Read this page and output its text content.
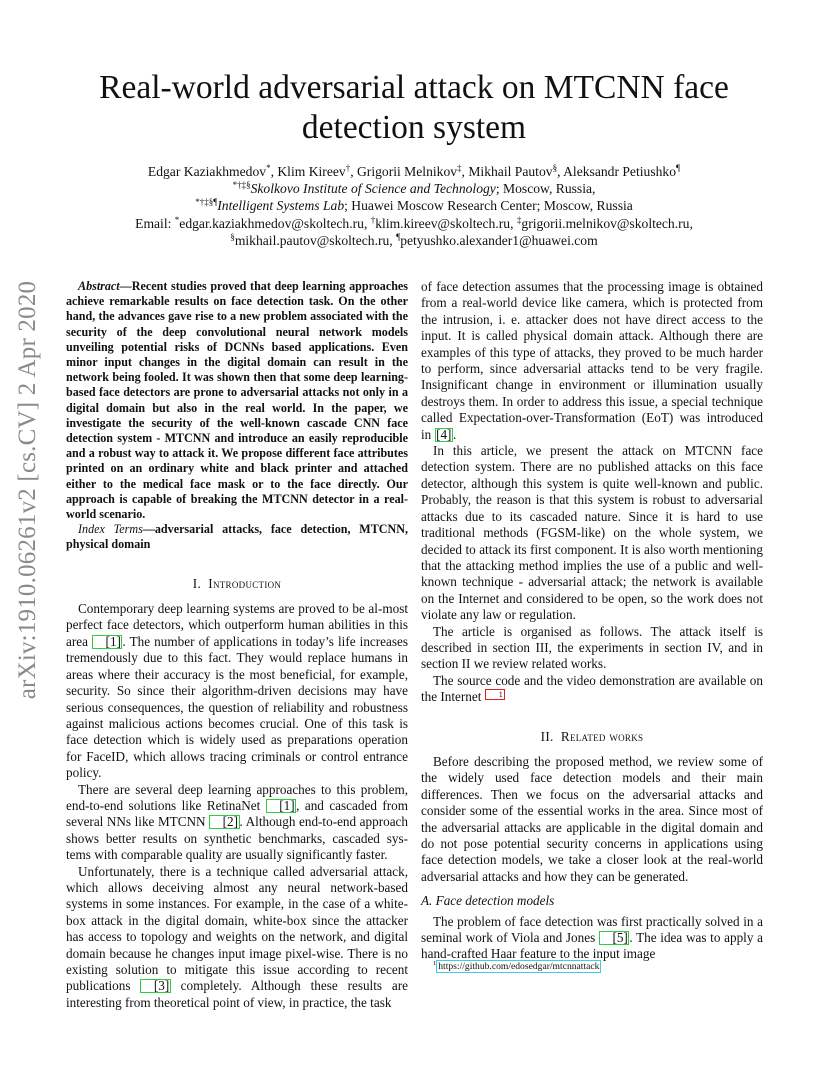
arXiv:1910.06261v2 [cs.CV] 2 Apr 2020
Real-world adversarial attack on MTCNN face
detection system
Edgar Kaziakhmedov*, Klim Kireev†, Grigorii Melnikov‡, Mikhail Pautov§, Aleksandr Petiushko¶
*†‡§Skolkovo Institute of Science and Technology; Moscow, Russia,
*†‡§¶Intelligent Systems Lab; Huawei Moscow Research Center; Moscow, Russia
Email: *edgar.kaziakhmedov@skoltech.ru, †klim.kireev@skoltech.ru, ‡grigorii.melnikov@skoltech.ru,
§mikhail.pautov@skoltech.ru, ¶petyushko.alexander1@huawei.com

Abstract—Recent studies proved that deep learning approaches achieve remarkable results on face detection task. On the other hand, the advances gave rise to a new problem associated with the security of the deep convolutional neural network models unveiling potential risks of DCNNs based applications. Even minor input changes in the digital domain can result in the network being fooled. It was shown then that some deep learning-based face detectors are prone to adversarial attacks not only in a digital domain but also in the real world. In the paper, we investigate the security of the well-known cascade CNN face detection system - MTCNN and introduce an easily reproducible and a robust way to attack it. We propose different face attributes printed on an ordinary white and black printer and attached either to the medical face mask or to the face directly. Our approach is capable of breaking the MTCNN detector in a real-world scenario.

Index Terms—adversarial attacks, face detection, MTCNN, physical domain

I. Introduction

Contemporary deep learning systems are proved to be al-most perfect face detectors, which outperform human abilities in this area [1] . The number of applications in today’s life increases tremendously due to this fact. They would replace humans in areas where their accuracy is the most beneficial, for example, security. So since their algorithm-driven decisions may have serious consequences, the question of reliability and robustness against malicious actions becomes crucial. One of this task is face detection which is widely used as preparations operation for FaceID, which allows tracing criminals or control entrance policy.

There are several deep learning approaches to this problem, end-to-end solutions like RetinaNet [1] , and cascaded from several NNs like MTCNN [2] . Although end-to-end approach shows better results on synthetic benchmarks, cascaded sys-tems with comparable quality are usually significantly faster.

Unfortunately, there is a technique called adversarial attack, which allows deceiving almost any neural network-based systems in some instances. For example, in the case of a white-box attack in the digital domain, white-box since the attacker has access to topology and weights on the network, and digital domain because he changes input image pixel-wise. There is no existing solution to mitigate this issue according to recent publications [3] completely. Although these results are interesting from theoretical point of view, in practice, the task

of face detection assumes that the processing image is obtained from a real-world device like camera, which is protected from the intrusion, i. e. attacker does not have direct access to the input. It is called physical domain attack. Although there are examples of this type of attacks, they proved to be much harder to perform, since adversarial attacks tend to be very fragile. Insignificant change in environment or illumination usually destroys them. In order to address this issue, a special technique called Expectation-over-Transformation (EoT) was introduced in [4] .

In this article, we present the attack on MTCNN face detection system. There are no published attacks on this face detector, although this system is quite well-known and public. Probably, the reason is that this system is robust to adversarial attacks due to its cascaded nature. Since it is hard to use traditional methods (FGSM-like) on the whole system, we decided to attack its first component. It is also worth mentioning that the attacking method implies the use of a public and well-known technique - adversarial attack; the network is available on the Internet and considered to be open, so the work does not violate any law or regulation.

The article is organised as follows. The attack itself is described in section III, the experiments in section IV, and in section II we review related works.

The source code and the video demonstration are available on the Internet 1

II. Related works

Before describing the proposed method, we review some of the widely used face detection models and their main differences. Then we focus on the adversarial attacks and consider some of the essential works in the area. Since most of the adversarial attacks are applicable in the digital domain and do not pose potential security concerns in applications using face detection models, we take a closer look at the real-world adversarial attacks and how they can be generated.

A. Face detection models

The problem of face detection was first practically solved in a seminal work of Viola and Jones [5] . The idea was to apply a hand-crafted Haar feature to the input image

$^1$ https://github.com/edosedgar/mtcnnattack
